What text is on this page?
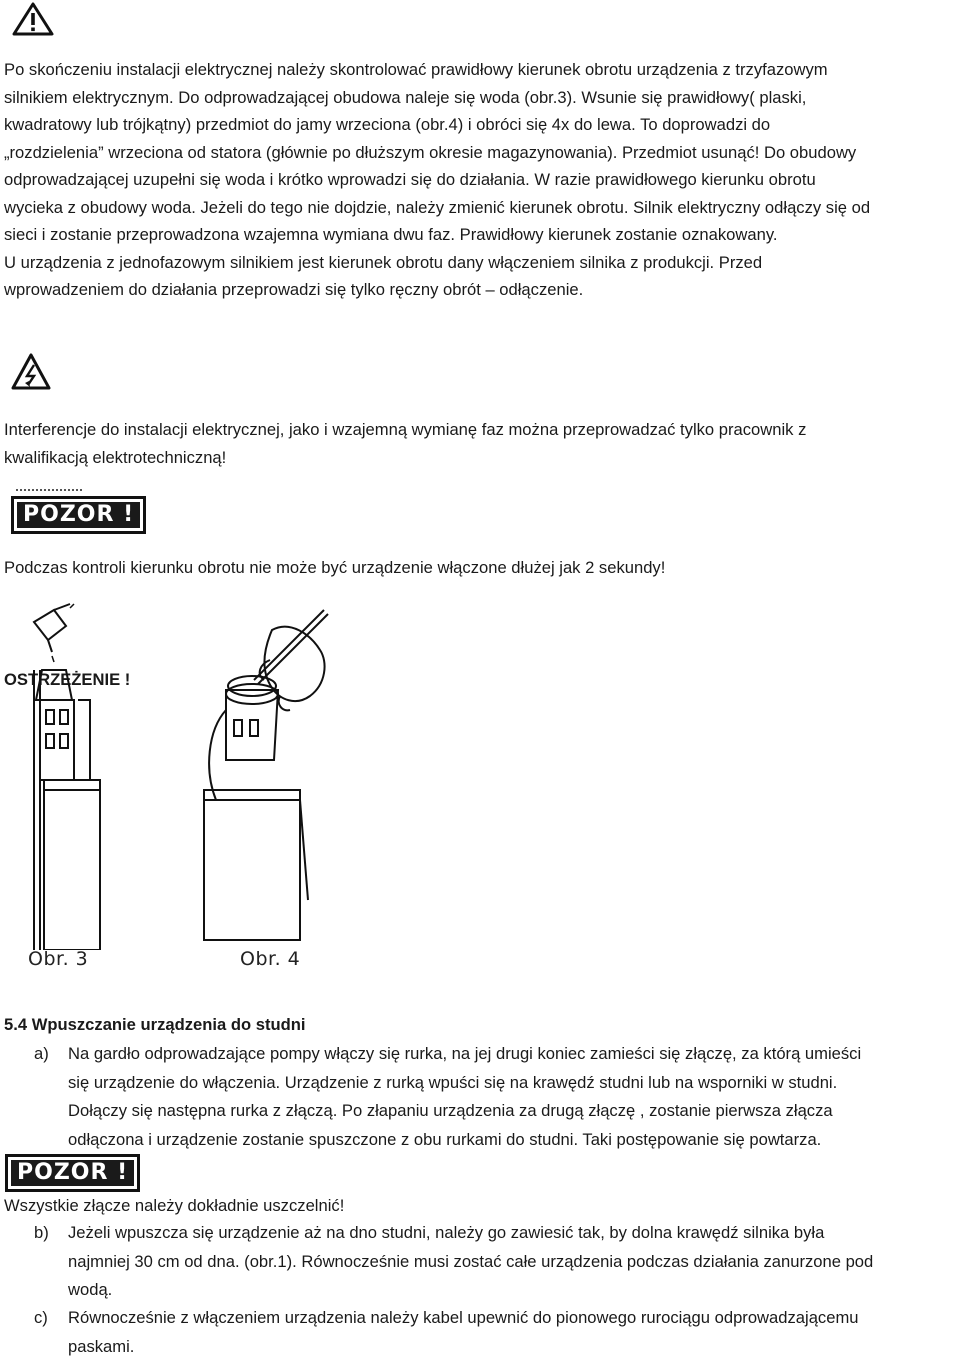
Po skończeniu instalacji elektrycznej należy skontrolować prawidłowy kierunek obrotu urządzenia z trzyfazowym
silnikiem elektrycznym. Do odprowadzającej obudowa naleje się woda (obr.3). Wsunie się prawidłowy( plaski,
kwadratowy lub trójkątny) przedmiot do jamy wrzeciona (obr.4) i obróci się 4x do lewa. To doprowadzi do
„rozdzielenia” wrzeciona od statora (głównie po dłuższym okresie magazynowania). Przedmiot usunąć! Do obudowy
odprowadzającej uzupełni się woda i krótko wprowadzi się do działania. W razie prawidłowego kierunku obrotu
wycieka z obudowy woda. Jeżeli do tego nie dojdzie, należy zmienić kierunek obrotu. Silnik elektryczny odłączy się od
sieci i zostanie przeprowadzona wzajemna wymiana dwu faz. Prawidłowy kierunek zostanie oznakowany.
U urządzenia z jednofazowym silnikiem jest kierunek obrotu dany włączeniem silnika z produkcji. Przed
wprowadzeniem do działania przeprowadzi się tylko ręczny obrót – odłączenie.
OSTRZEŻENIE !
Interferencje do instalacji elektrycznej, jako i wzajemną wymianę faz można przeprowadzać tylko pracownik z
kwalifikacją elektrotechniczną!
POZOR !
Podczas kontroli kierunku obrotu nie może być urządzenie włączone dłużej jak 2 sekundy!
Obr. 3	Obr. 4
5.4 Wpuszczanie urządzenia do studni
a) Na gardło odprowadzające pompy włączy się rurka, na jej drugi koniec zamieści się złączę, za którą umieści
się urządzenie do włączenia. Urządzenie z rurką wpuści się na krawędź studni lub na wsporniki w studni.
Dołączy się następna rurka z złączą. Po złapaniu urządzenia za drugą złączę , zostanie pierwsza złącza
odłączona i urządzenie zostanie spuszczone z obu rurkami do studni. Taki postępowanie się powtarza.
POZOR !
Wszystkie złącze należy dokładnie uszczelnić!
b) Jeżeli wpuszcza się urządzenie aż na dno studni, należy go zawiesić tak, by dolna krawędź silnika była
najmniej 30 cm od dna. (obr.1). Równocześnie musi zostać całe urządzenia podczas działania zanurzone pod
wodą.
c) Równocześnie z włączeniem urządzenia należy kabel upewnić do pionowego rurociągu odprowadzającemu
paskami.
